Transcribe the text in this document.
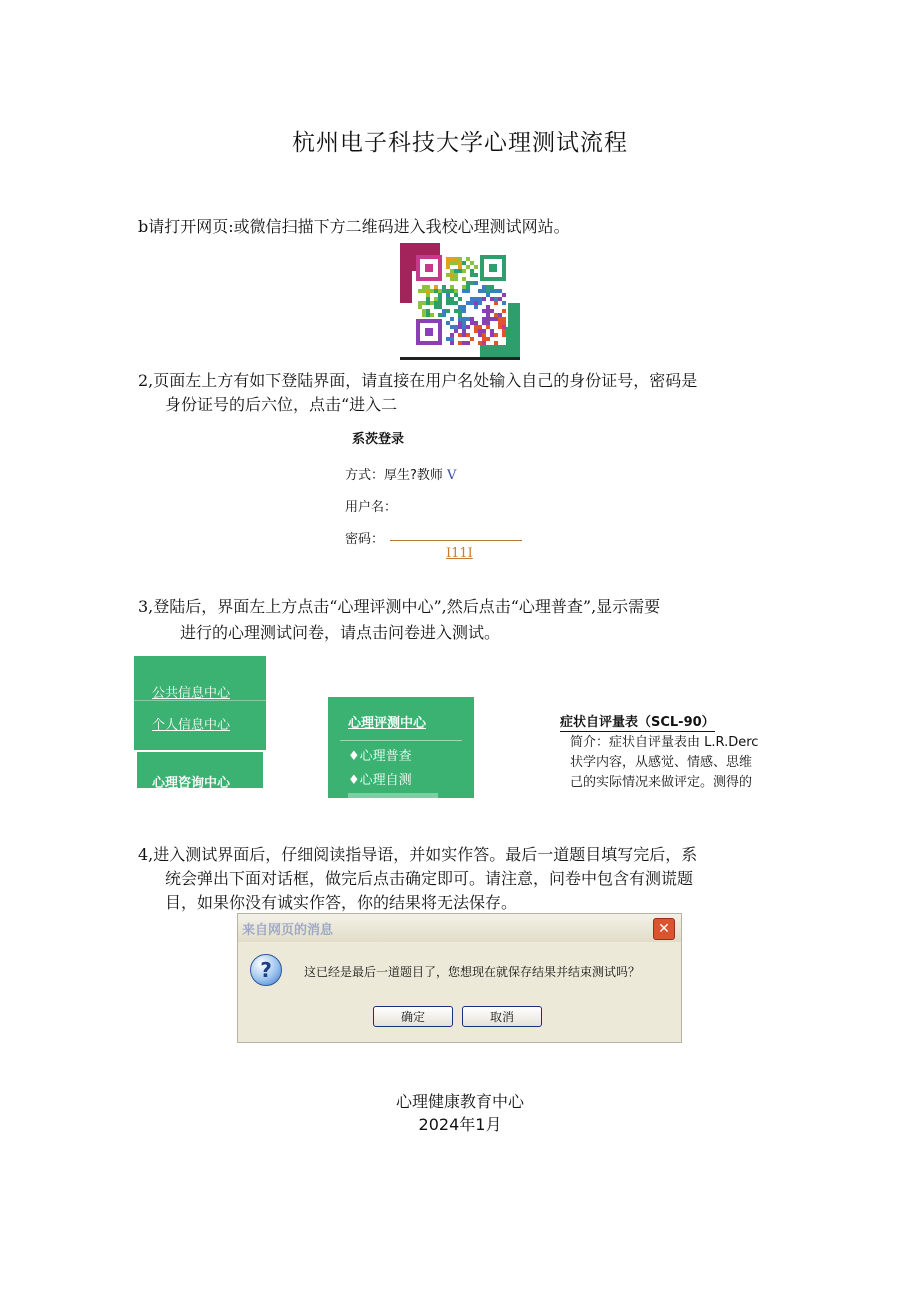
杭州电子科技大学心理测试流程
b请打开网页:或微信扫描下方二维码进入我校心理测试网站。
2,页面左上方有如下登陆界面，请直接在用户名处输入自己的身份证号，密码是
身份证号的后六位，点击“进入二
系茨登录
方式：厚生?教师 V
用户名：
密码：
I11I
3,登陆后，界面左上方点击“心理评测中心”,然后点击“心理普查”,显示需要
进行的心理测试问卷，请点击问卷进入测试。
公共信息中心
个人信息中心
心理咨询中心
心理评测中心
♦心理普查
♦心理自测
症状自评量表（SCL-90）
简介：症状自评量表由 L.R.Derc
状学内容，从感觉、情感、思维
己的实际情况来做评定。测得的
4,进入测试界面后，仔细阅读指导语，并如实作答。最后一道题目填写完后，系
统会弹出下面对话框，做完后点击确定即可。请注意，问卷中包含有测谎题
目，如果你没有诚实作答，你的结果将无法保存。
来自网页的消息	✕
?	这已经是最后一道题目了，您想现在就保存结果并结束测试吗？
确定	取消
心理健康教育中心
2024年1月
